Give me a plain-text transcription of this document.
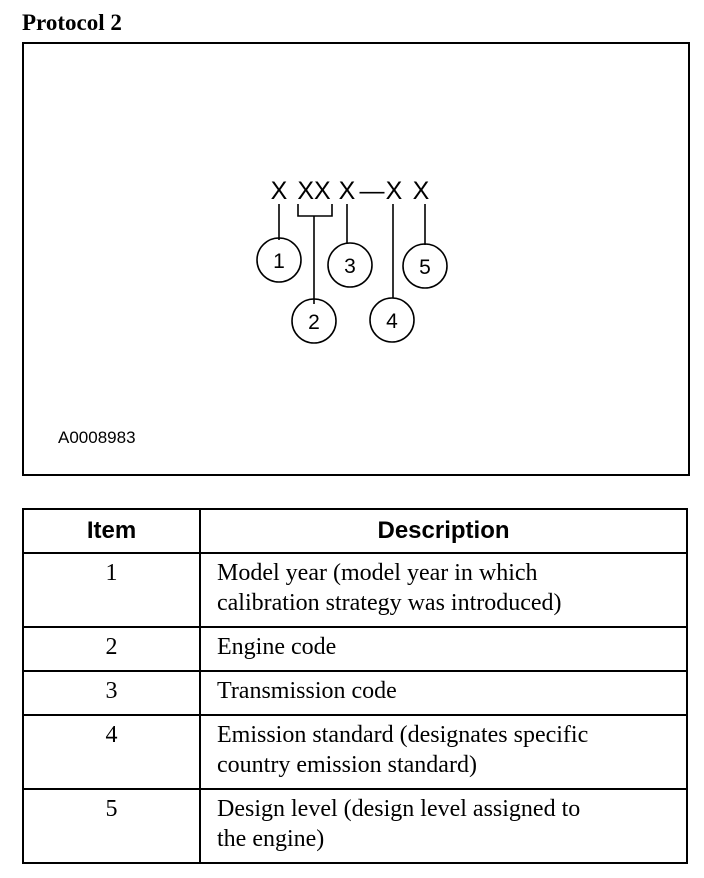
Protocol 2
X XX X — X X
1
2
3
4
5
A0008983
Item	Description
1	Model year (model year in which
calibration strategy was introduced)

2	Engine code

3	Transmission code

4	Emission standard (designates specific
country emission standard)

5	Design level (design level assigned to
the engine)
